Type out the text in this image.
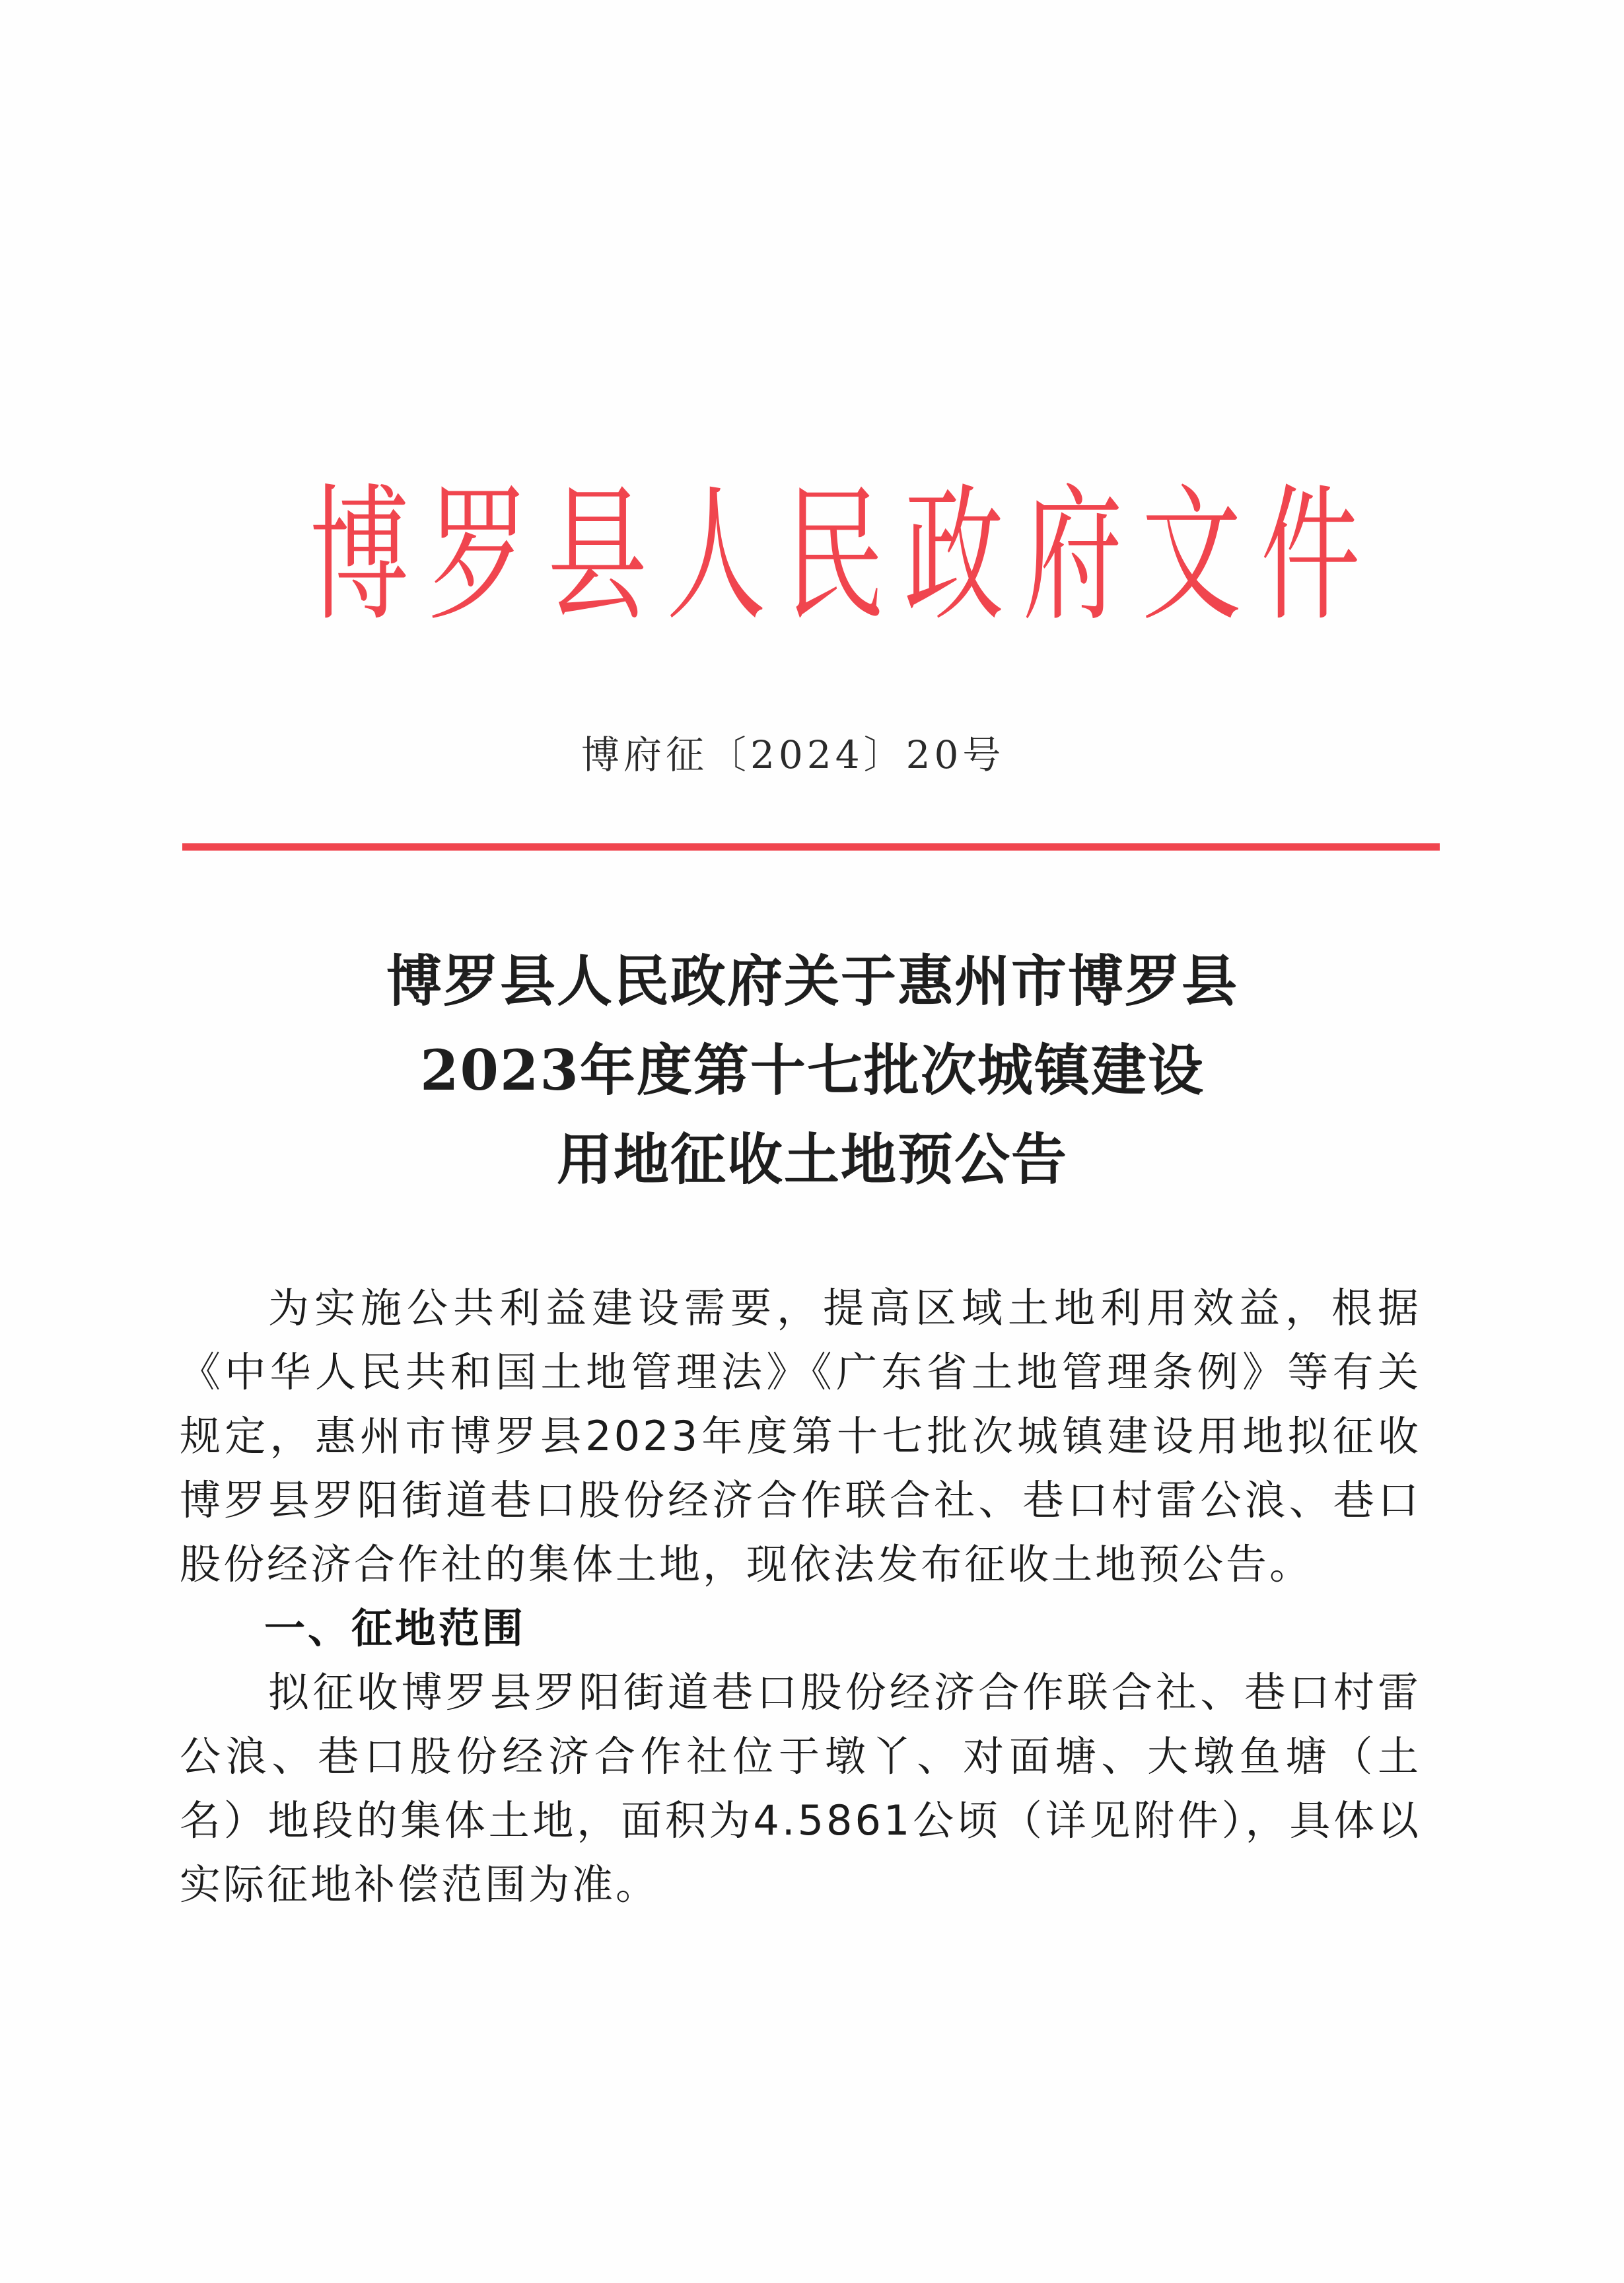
博 罗 县 人 民 政 府 文 件
博府征〔2024〕20号
博罗县人民政府关于惠州市博罗县
2023年度第十七批次城镇建设
用地征收土地预公告

为实施公共利益建设需要，提高区域土地利用效益，根据《中华人民共和国土地管理法》《广东省土地管理条例》等有关规定，惠州市博罗县2023年度第十七批次城镇建设用地拟征收博罗县罗阳街道巷口股份经济合作联合社、巷口村雷公浪、巷口股份经济合作社的集体土地，现依法发布征收土地预公告。

一、征地范围

拟征收博罗县罗阳街道巷口股份经济合作联合社、巷口村雷公浪、巷口股份经济合作社位于墩丫、对面塘、大墩鱼塘（土名）地段的集体土地，面积为4.5861公顷（详见附件），具体以实际征地补偿范围为准。
